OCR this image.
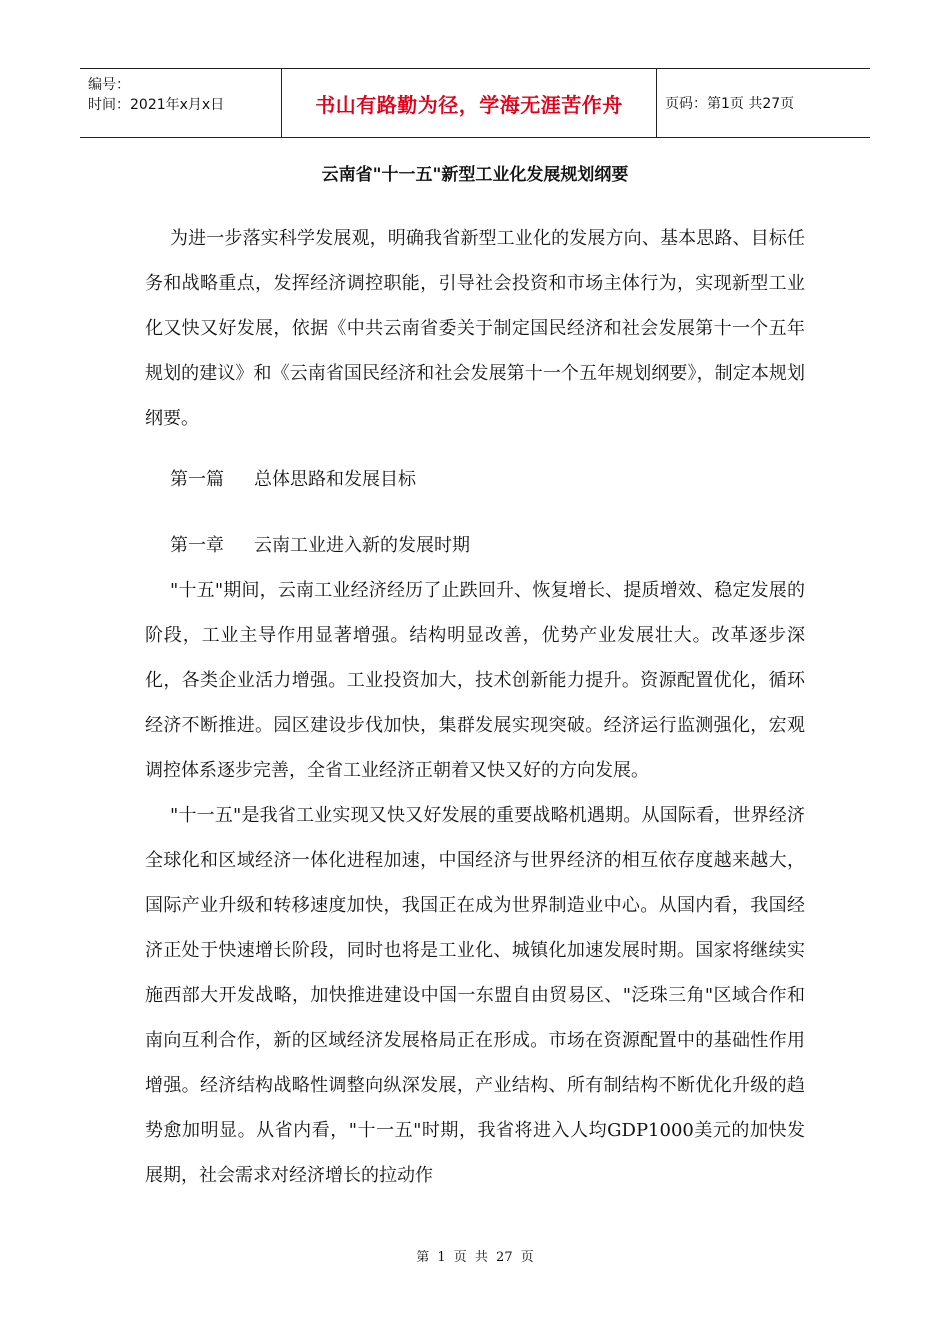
编号：
时间：2021年x月x日	书山有路勤为径，学海无涯苦作舟	页码：第1页 共27页
云南省"十一五"新型工业化发展规划纲要

为进一步落实科学发展观，明确我省新型工业化的发展方向、基本思路、目标任务和战略重点，发挥经济调控职能，引导社会投资和市场主体行为，实现新型工业化又快又好发展，依据《中共云南省委关于制定国民经济和社会发展第十一个五年规划的建议》和《云南省国民经济和社会发展第十一个五年规划纲要》，制定本规划纲要。

第一篇 总体思路和发展目标
第一章 云南工业进入新的发展时期

"十五"期间，云南工业经济经历了止跌回升、恢复增长、提质增效、稳定发展的阶段，工业主导作用显著增强。结构明显改善，优势产业发展壮大。改革逐步深化，各类企业活力增强。工业投资加大，技术创新能力提升。资源配置优化，循环经济不断推进。园区建设步伐加快，集群发展实现突破。经济运行监测强化，宏观调控体系逐步完善，全省工业经济正朝着又快又好的方向发展。

"十一五"是我省工业实现又快又好发展的重要战略机遇期。从国际看，世界经济全球化和区域经济一体化进程加速，中国经济与世界经济的相互依存度越来越大，国际产业升级和转移速度加快，我国正在成为世界制造业中心。从国内看，我国经济正处于快速增长阶段，同时也将是工业化、城镇化加速发展时期。国家将继续实施西部大开发战略，加快推进建设中国一东盟自由贸易区、"泛珠三角"区域合作和南向互利合作，新的区域经济发展格局正在形成。市场在资源配置中的基础性作用增强。经济结构战略性调整向纵深发展，产业结构、所有制结构不断优化升级的趋势愈加明显。从省内看，"十一五"时期，我省将进入人均GDP1000美元的加快发展期，社会需求对经济增长的拉动作

第 1 页 共 27 页
